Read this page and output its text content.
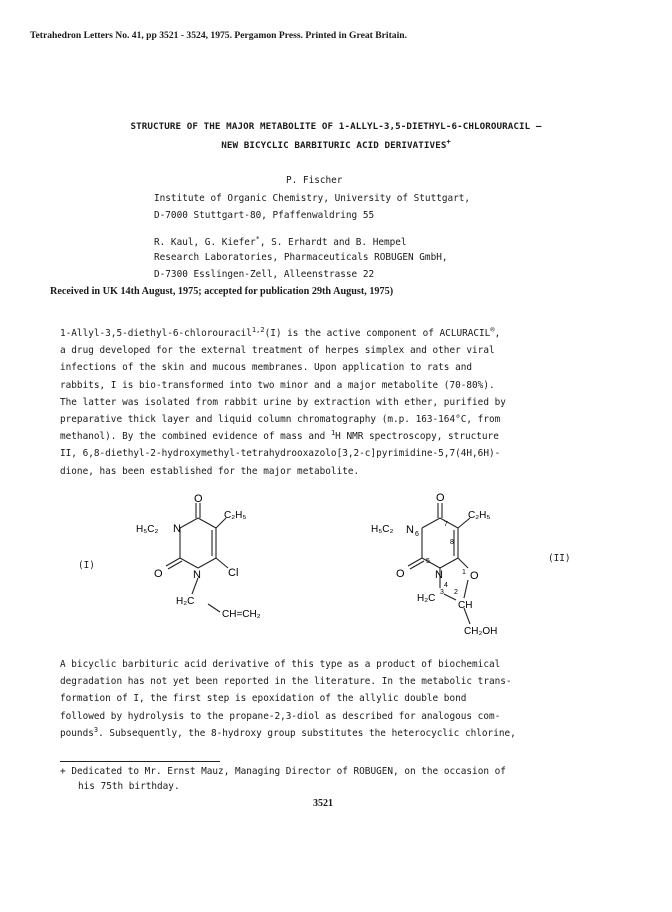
Tetrahedron Letters No. 41, pp 3521 - 3524, 1975. Pergamon Press. Printed in Great Britain.
STRUCTURE OF THE MAJOR METABOLITE OF 1-ALLYL-3,5-DIETHYL-6-CHLOROURACIL —
NEW BICYCLIC BARBITURIC ACID DERIVATIVES+
P. Fischer
Institute of Organic Chemistry, University of Stuttgart,
D-7000 Stuttgart-80, Pfaffenwaldring 55
R. Kaul, G. Kiefer*, S. Erhardt and B. Hempel
Research Laboratories, Pharmaceuticals ROBUGEN GmbH,
D-7300 Esslingen-Zell, Alleenstrasse 22
Received in UK 14th August, 1975; accepted for publication 29th August, 1975)
1-Allyl-3,5-diethyl-6-chlorouracil$^{1,2}$(I) is the active component of ACLURACIL®,
a drug developed for the external treatment of herpes simplex and other viral
infections of the skin and mucous membranes. Upon application to rats and
rabbits, I is bio-transformed into two minor and a major metabolite (70-80%).
The latter was isolated from rabbit urine by extraction with ether, purified by
preparative thick layer and liquid column chromatography (m.p. 163-164°C, from
methanol). By the combined evidence of mass and $^1$H NMR spectroscopy, structure
II, 6,8-diethyl-2-hydroxymethyl-tetrahydrooxazolo[3,2-c]pyrimidine-5,7(4H,6H)-
dione, has been established for the major metabolite.
(I)
(II)
O
H₅C₂ N
C₂H₅
O	N Cl
H₂C
CH=CH₂
O
H₅C₂ N 6
7
8
C₂H₅
O
5
N
4
1 O
H₂C
3 2
CH
CH₂OH
A bicyclic barbituric acid derivative of this type as a product of biochemical
degradation has not yet been reported in the literature. In the metabolic trans-
formation of I, the first step is epoxidation of the allylic double bond
followed by hydrolysis to the propane-2,3-diol as described for analogous com-
pounds$^3$. Subsequently, the 8-hydroxy group substitutes the heterocyclic chlorine,
+ Dedicated to Mr. Ernst Mauz, Managing Director of ROBUGEN, on the occasion of
his 75th birthday.
3521
